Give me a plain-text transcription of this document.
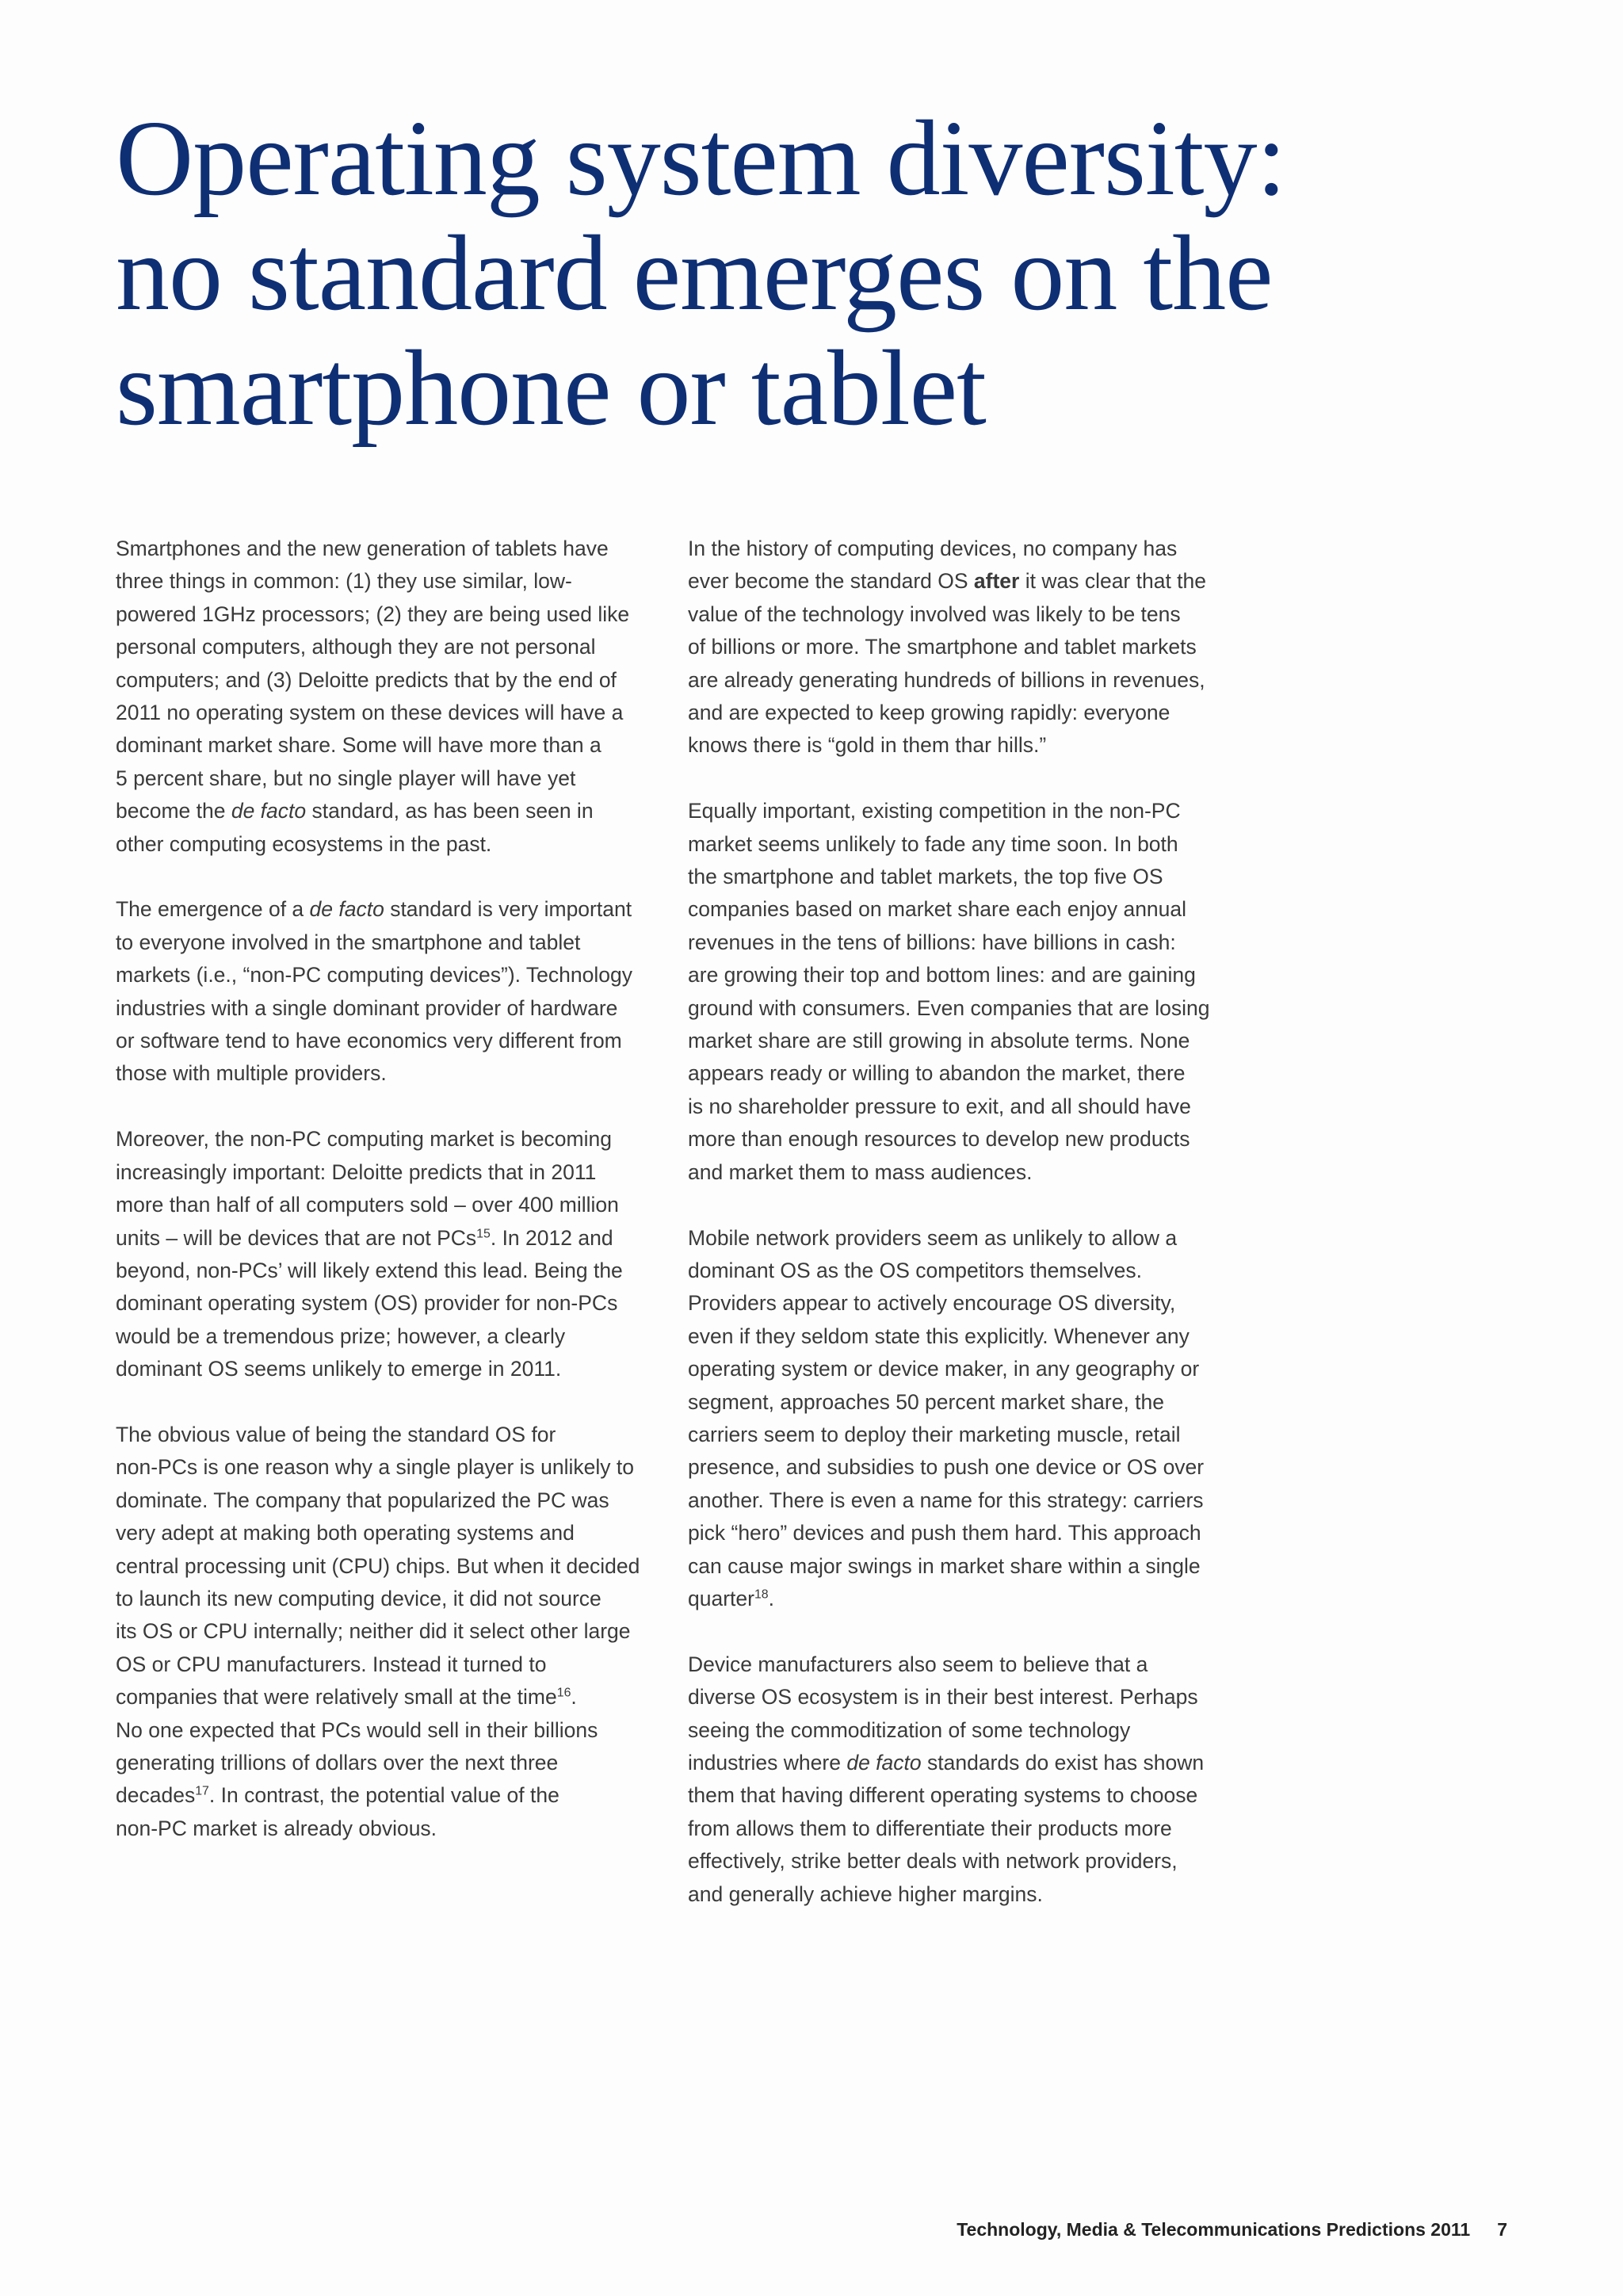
Operating system diversity:
no standard emerges on the
smartphone or tablet

Smartphones and the new generation of tablets have
three things in common: (1) they use similar, low-
powered 1GHz processors; (2) they are being used like
personal computers, although they are not personal
computers; and (3) Deloitte predicts that by the end of
2011 no operating system on these devices will have a
dominant market share. Some will have more than a
5 percent share, but no single player will have yet
become the de facto standard, as has been seen in
other computing ecosystems in the past.

The emergence of a de facto standard is very important
to everyone involved in the smartphone and tablet
markets (i.e., “non-PC computing devices”). Technology
industries with a single dominant provider of hardware
or software tend to have economics very different from
those with multiple providers.

Moreover, the non-PC computing market is becoming
increasingly important: Deloitte predicts that in 2011
more than half of all computers sold – over 400 million
units – will be devices that are not PCs$^{15}$. In 2012 and
beyond, non-PCs’ will likely extend this lead. Being the
dominant operating system (OS) provider for non-PCs
would be a tremendous prize; however, a clearly
dominant OS seems unlikely to emerge in 2011.

The obvious value of being the standard OS for
non-PCs is one reason why a single player is unlikely to
dominate. The company that popularized the PC was
very adept at making both operating systems and
central processing unit (CPU) chips. But when it decided
to launch its new computing device, it did not source
its OS or CPU internally; neither did it select other large
OS or CPU manufacturers. Instead it turned to
companies that were relatively small at the time$^{16}$.
No one expected that PCs would sell in their billions
generating trillions of dollars over the next three
decades$^{17}$. In contrast, the potential value of the
non-PC market is already obvious.

In the history of computing devices, no company has
ever become the standard OS after it was clear that the
value of the technology involved was likely to be tens
of billions or more. The smartphone and tablet markets
are already generating hundreds of billions in revenues,
and are expected to keep growing rapidly: everyone
knows there is “gold in them thar hills.”

Equally important, existing competition in the non-PC
market seems unlikely to fade any time soon. In both
the smartphone and tablet markets, the top five OS
companies based on market share each enjoy annual
revenues in the tens of billions: have billions in cash:
are growing their top and bottom lines: and are gaining
ground with consumers. Even companies that are losing
market share are still growing in absolute terms. None
appears ready or willing to abandon the market, there
is no shareholder pressure to exit, and all should have
more than enough resources to develop new products
and market them to mass audiences.

Mobile network providers seem as unlikely to allow a
dominant OS as the OS competitors themselves.
Providers appear to actively encourage OS diversity,
even if they seldom state this explicitly. Whenever any
operating system or device maker, in any geography or
segment, approaches 50 percent market share, the
carriers seem to deploy their marketing muscle, retail
presence, and subsidies to push one device or OS over
another. There is even a name for this strategy: carriers
pick “hero” devices and push them hard. This approach
can cause major swings in market share within a single
quarter$^{18}$.

Device manufacturers also seem to believe that a
diverse OS ecosystem is in their best interest. Perhaps
seeing the commoditization of some technology
industries where de facto standards do exist has shown
them that having different operating systems to choose
from allows them to differentiate their products more
effectively, strike better deals with network providers,
and generally achieve higher margins.

Technology, Media & Telecommunications Predictions 2011 7
